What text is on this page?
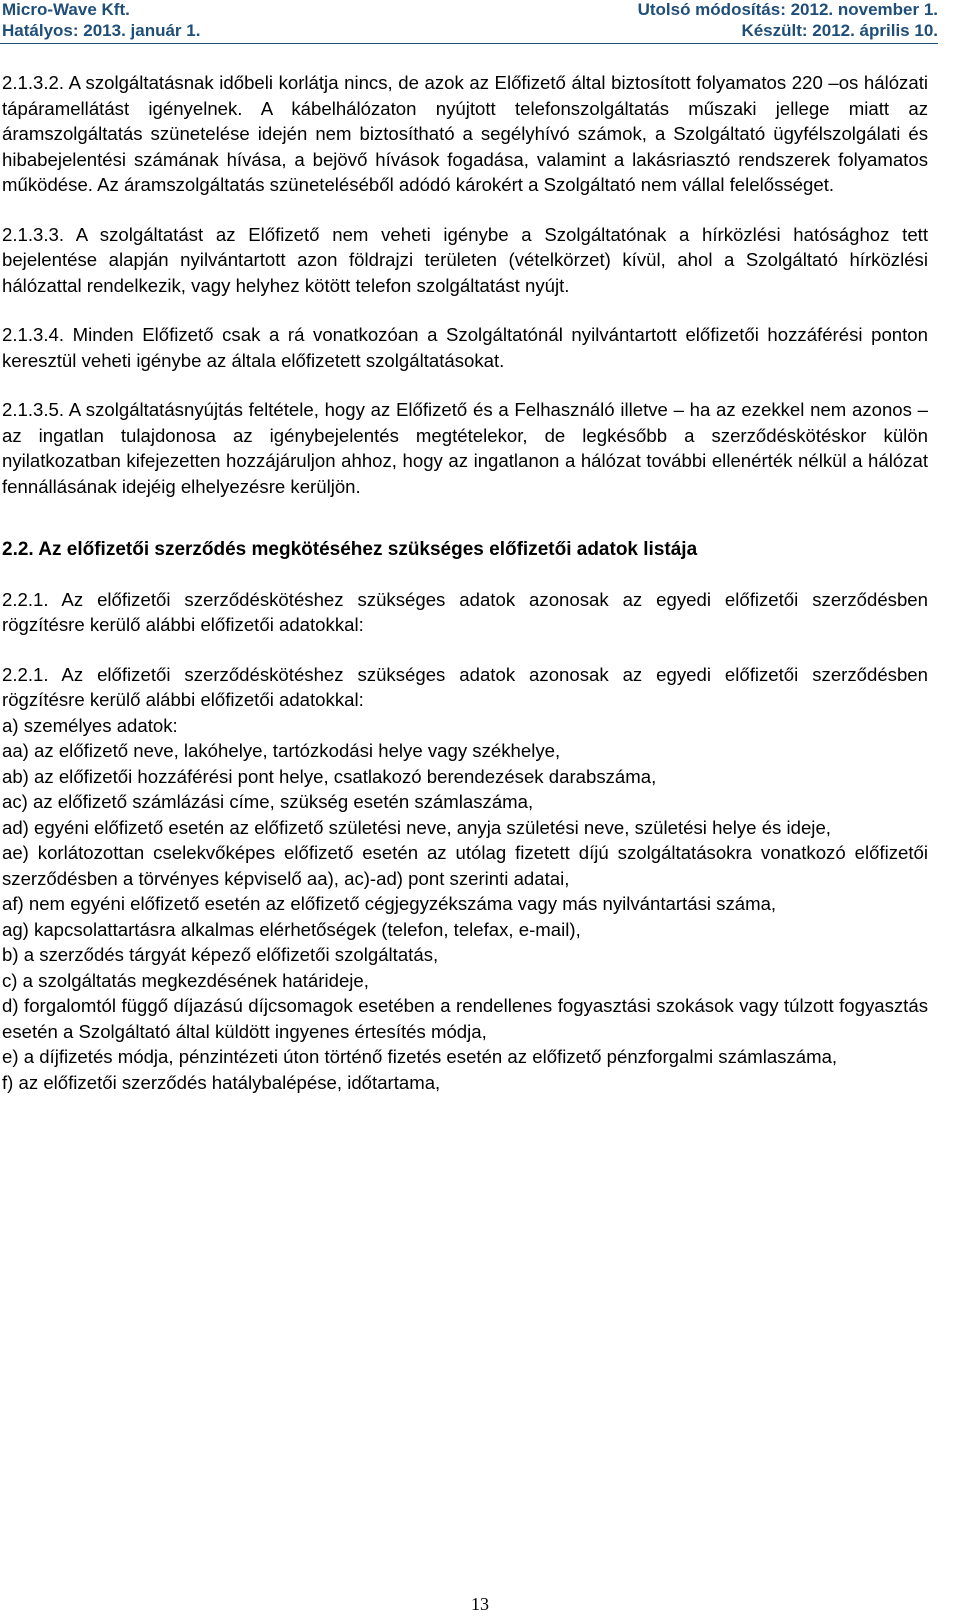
Micro-Wave Kft.	Utolsó módosítás: 2012. november 1.
Hatályos: 2013. január 1.	Készült: 2012. április 10.

2.1.3.2. A szolgáltatásnak időbeli korlátja nincs, de azok az Előfizető által biztosított folyamatos 220 –os hálózati tápáramellátást igényelnek. A kábelhálózaton nyújtott telefonszolgáltatás műszaki jellege miatt az áramszolgáltatás szünetelése idején nem biztosítható a segélyhívó számok, a Szolgáltató ügyfélszolgálati és hibabejelentési számának hívása, a bejövő hívások fogadása, valamint a lakásriasztó rendszerek folyamatos működése. Az áramszolgáltatás szüneteléséből adódó károkért a Szolgáltató nem vállal felelősséget.

2.1.3.3. A szolgáltatást az Előfizető nem veheti igénybe a Szolgáltatónak a hírközlési hatósághoz tett bejelentése alapján nyilvántartott azon földrajzi területen (vételkörzet) kívül, ahol a Szolgáltató hírközlési hálózattal rendelkezik, vagy helyhez kötött telefon szolgáltatást nyújt.

2.1.3.4. Minden Előfizető csak a rá vonatkozóan a Szolgáltatónál nyilvántartott előfizetői hozzáférési ponton keresztül veheti igénybe az általa előfizetett szolgáltatásokat.

2.1.3.5. A szolgáltatásnyújtás feltétele, hogy az Előfizető és a Felhasználó illetve – ha az ezekkel nem azonos – az ingatlan tulajdonosa az igénybejelentés megtételekor, de legkésőbb a szerződéskötéskor külön nyilatkozatban kifejezetten hozzájáruljon ahhoz, hogy az ingatlanon a hálózat további ellenérték nélkül a hálózat fennállásának idejéig elhelyezésre kerüljön.

2.2. Az előfizetői szerződés megkötéséhez szükséges előfizetői adatok listája

2.2.1. Az előfizetői szerződéskötéshez szükséges adatok azonosak az egyedi előfizetői szerződésben rögzítésre kerülő alábbi előfizetői adatokkal:

2.2.1. Az előfizetői szerződéskötéshez szükséges adatok azonosak az egyedi előfizetői szerződésben rögzítésre kerülő alábbi előfizetői adatokkal:

a) személyes adatok:

aa) az előfizető neve, lakóhelye, tartózkodási helye vagy székhelye,

ab) az előfizetői hozzáférési pont helye, csatlakozó berendezések darabszáma,

ac) az előfizető számlázási címe, szükség esetén számlaszáma,

ad) egyéni előfizető esetén az előfizető születési neve, anyja születési neve, születési helye és ideje,

ae) korlátozottan cselekvőképes előfizető esetén az utólag fizetett díjú szolgáltatásokra vonatkozó előfizetői szerződésben a törvényes képviselő aa), ac)-ad) pont szerinti adatai,

af) nem egyéni előfizető esetén az előfizető cégjegyzékszáma vagy más nyilvántartási száma,

ag) kapcsolattartásra alkalmas elérhetőségek (telefon, telefax, e-mail),

b) a szerződés tárgyát képező előfizetői szolgáltatás,

c) a szolgáltatás megkezdésének határideje,

d) forgalomtól függő díjazású díjcsomagok esetében a rendellenes fogyasztási szokások vagy túlzott fogyasztás esetén a Szolgáltató által küldött ingyenes értesítés módja,

e) a díjfizetés módja, pénzintézeti úton történő fizetés esetén az előfizető pénzforgalmi számlaszáma,

f) az előfizetői szerződés hatálybalépése, időtartama,

13
